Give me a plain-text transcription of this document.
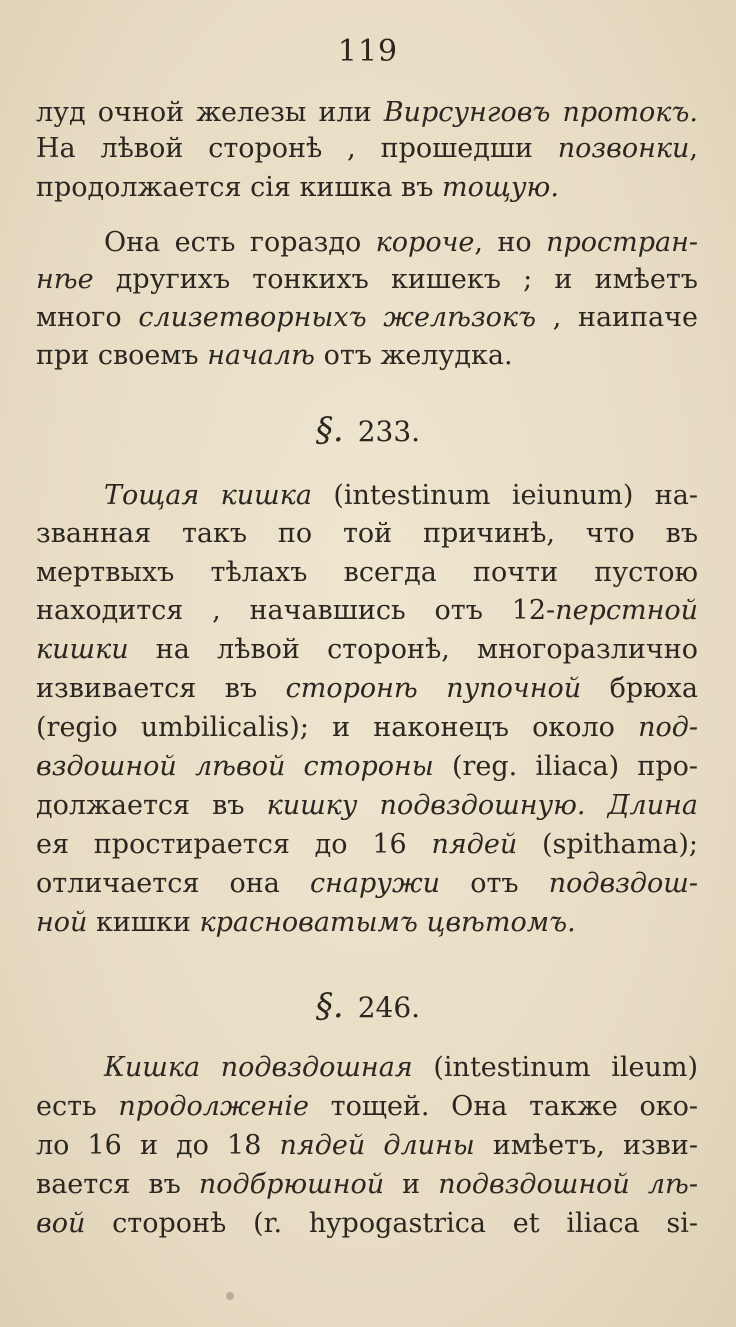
119
луд очной железы или Вирсунговъ протокъ.
На лѣвой сторонѣ , прошедши позвонки,
продолжается сія кишка въ тощую.
Она есть гораздо короче, но простран-
нѣе другихъ тонкихъ кишекъ ; и имѣетъ
много слизетворныхъ желѣзокъ , наипаче
при своемъ началѣ отъ желудка.
§. 233.
Тощая кишка (intestinum ieiunum) на-
званная такъ по той причинѣ, что въ
мертвыхъ тѣлахъ всегда почти пустою
находится , начавшись отъ 12-перстной
кишки на лѣвой сторонѣ, многоразлично
извивается въ сторонѣ пупочной брюха
(regio umbilicalis); и наконецъ около под-
вздошной лѣвой стороны (reg. iliaca) про-
должается въ кишку подвздошную. Длина
ея простирается до 16 пядей (spithama);
отличается она снаружи отъ подвздош-
ной кишки красноватымъ цвѣтомъ.
§. 246.
Кишка подвздошная (intestinum ileum)
есть продолженіе тощей. Она также око-
ло 16 и до 18 пядей длины имѣетъ, изви-
вается въ подбрюшной и подвздошной лѣ-
вой сторонѣ (r. hypogastrica et iliaca si-
